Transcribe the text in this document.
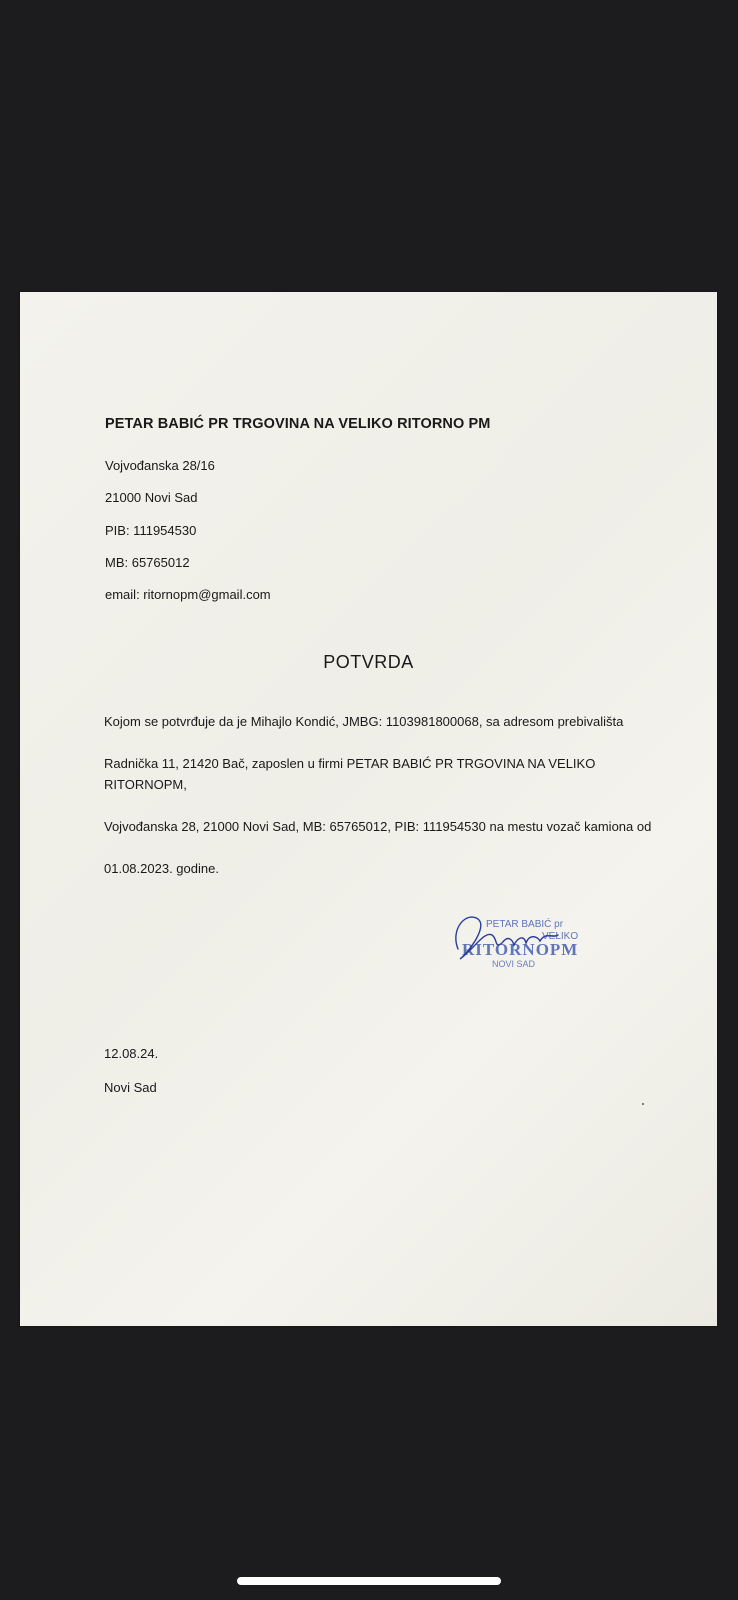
PETAR BABIĆ PR TRGOVINA NA VELIKO RITORNO PM
Vojvođanska 28/16
21000 Novi Sad
PIB: 111954530
MB: 65765012
email: ritornopm@gmail.com
POTVRDA

Kojom se potvrđuje da je Mihajlo Kondić, JMBG: 1103981800068, sa adresom prebivališta

Radnička 11, 21420 Bač, zaposlen u firmi PETAR BABIĆ PR TRGOVINA NA VELIKO RITORNOPM,

Vojvođanska 28, 21000 Novi Sad, MB: 65765012, PIB: 111954530 na mestu vozač kamiona od

01.08.2023. godine.

PETAR BABIĆ pr
VELIKO
RITORNOPM
NOVI SAD
12.08.24.
Novi Sad
